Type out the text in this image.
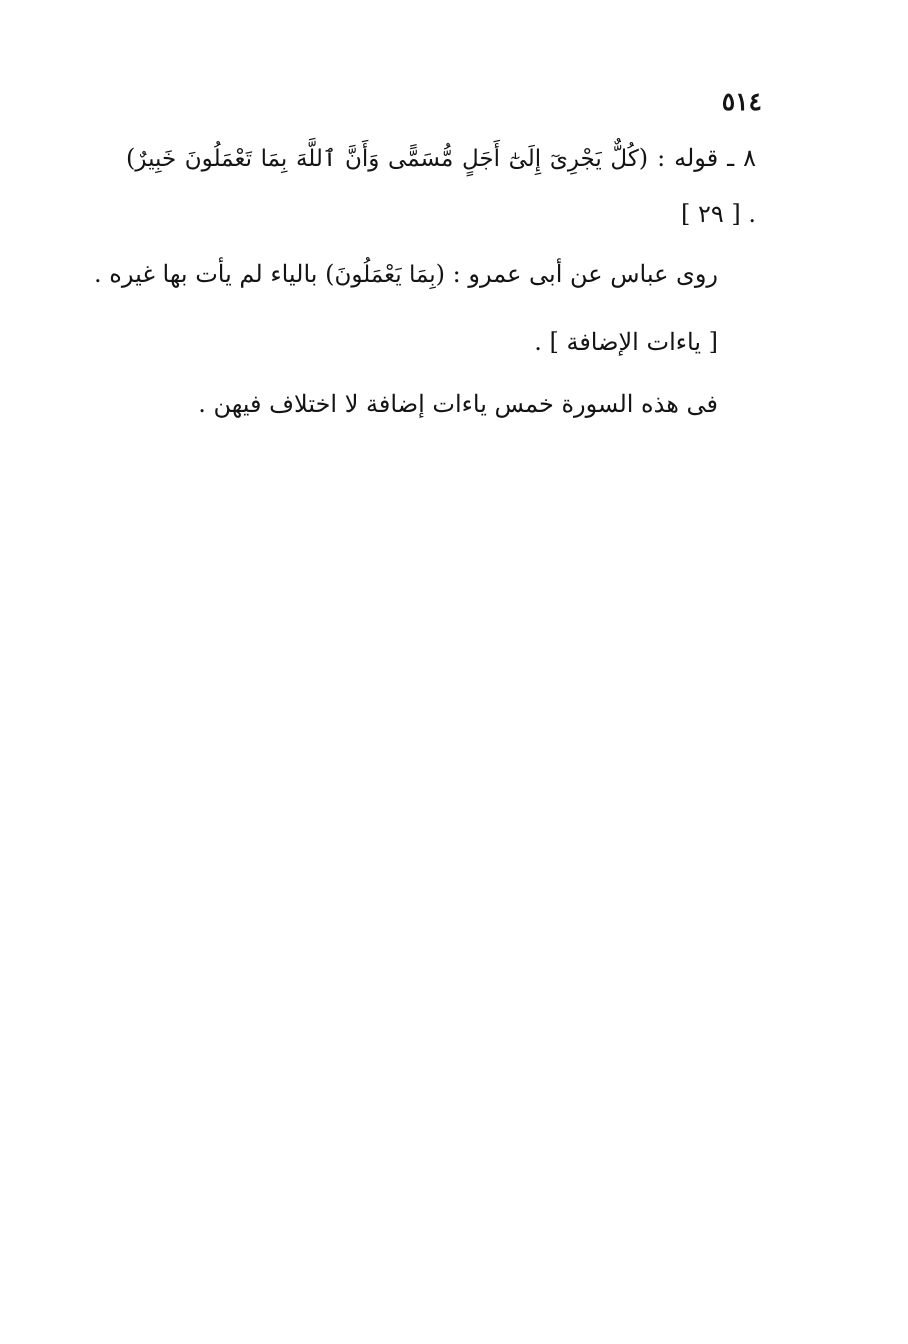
٥١٤

٨ ـ قوله : (كُلٌّ يَجْرِىٓ إِلَىٰٓ أَجَلٍ مُّسَمًّى وَأَنَّ ٱللَّهَ بِمَا تَعْمَلُونَ خَبِيرٌ)

[ ٢٩ ] .

روى عباس عن أبى عمرو : (بِمَا يَعْمَلُونَ) بالياء لم يأت بها غيره .

[ ياءات الإضافة ] .

فى هذه السورة خمس ياءات إضافة لا اختلاف فيهن .
